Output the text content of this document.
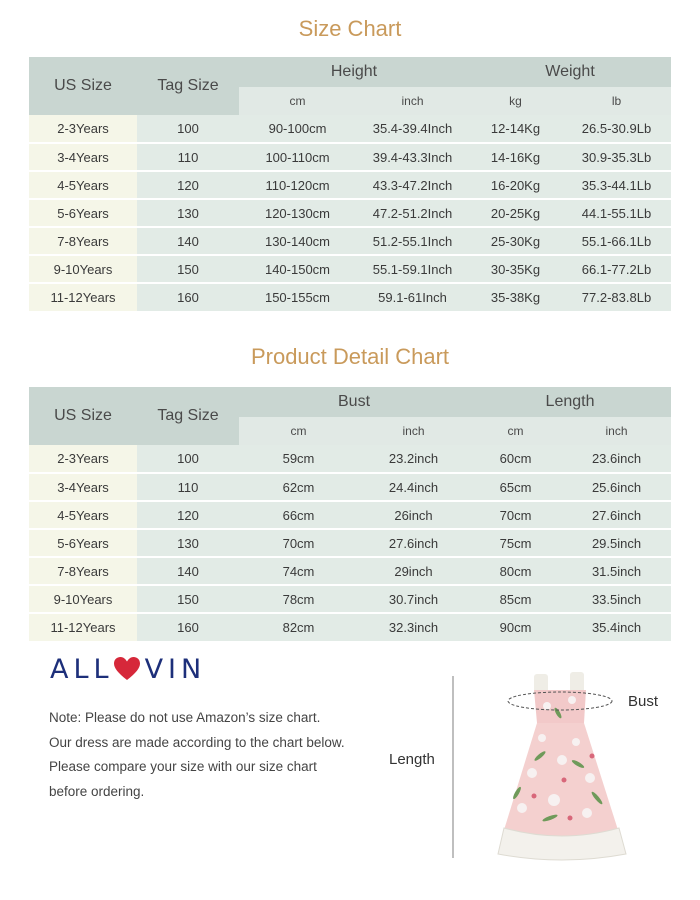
Size Chart
US Size	Tag Size	Height		Weight	
		cm	inch	kg	lb
2-3Years	100	90-100cm	35.4-39.4Inch	12-14Kg	26.5-30.9Lb
3-4Years	110	100-110cm	39.4-43.3Inch	14-16Kg	30.9-35.3Lb
4-5Years	120	110-120cm	43.3-47.2Inch	16-20Kg	35.3-44.1Lb
5-6Years	130	120-130cm	47.2-51.2Inch	20-25Kg	44.1-55.1Lb
7-8Years	140	130-140cm	51.2-55.1Inch	25-30Kg	55.1-66.1Lb
9-10Years	150	140-150cm	55.1-59.1Inch	30-35Kg	66.1-77.2Lb
11-12Years	160	150-155cm	59.1-61Inch	35-38Kg	77.2-83.8Lb
Product Detail Chart
US Size	Tag Size	Bust		Length	
		cm	inch	cm	inch
2-3Years	100	59cm	23.2inch	60cm	23.6inch
3-4Years	110	62cm	24.4inch	65cm	25.6inch
4-5Years	120	66cm	26inch	70cm	27.6inch
5-6Years	130	70cm	27.6inch	75cm	29.5inch
7-8Years	140	74cm	29inch	80cm	31.5inch
9-10Years	150	78cm	30.7inch	85cm	33.5inch
11-12Years	160	82cm	32.3inch	90cm	35.4inch
ALL VIN
Note: Please do not use Amazon’s size chart.
Our dress are made according to the chart below.
Please compare your size with our size chart
before ordering.
Length
Bust
